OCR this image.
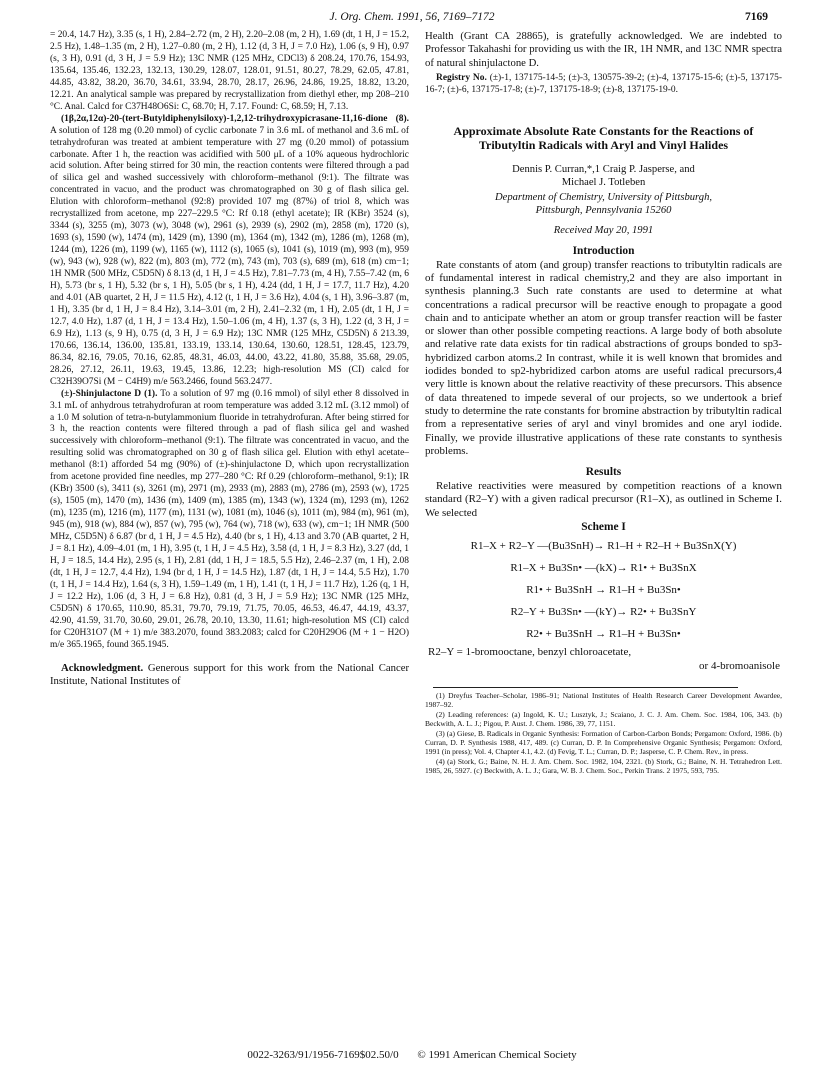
J. Org. Chem. 1991, 56, 7169–7172	7169

= 20.4, 14.7 Hz), 3.35 (s, 1 H), 2.84–2.72 (m, 2 H), 2.20–2.08 (m, 2 H), 1.69 (dt, 1 H, J = 15.2, 2.5 Hz), 1.48–1.35 (m, 2 H), 1.27–0.80 (m, 2 H), 1.12 (d, 3 H, J = 7.0 Hz), 1.06 (s, 9 H), 0.97 (s, 3 H), 0.91 (d, 3 H, J = 5.9 Hz); 13C NMR (125 MHz, CDCl3) δ 208.24, 170.76, 154.93, 135.64, 135.46, 132.23, 132.13, 130.29, 128.07, 128.01, 91.51, 80.27, 78.29, 62.05, 47.81, 44.85, 43.82, 38.20, 36.70, 34.61, 33.94, 28.70, 28.17, 26.96, 24.86, 19.25, 18.82, 13.20, 12.21. An analytical sample was prepared by recrystallization from diethyl ether, mp 208–210 °C. Anal. Calcd for C37H48O6Si: C, 68.70; H, 7.17. Found: C, 68.59; H, 7.13.

(1β,2α,12α)-20-(tert-Butyldiphenylsiloxy)-1,2,12-trihydroxypicrasane-11,16-dione (8). A solution of 128 mg (0.20 mmol) of cyclic carbonate 7 in 3.6 mL of methanol and 3.6 mL of tetrahydrofuran was treated at ambient temperature with 27 mg (0.20 mmol) of potassium carbonate. After 1 h, the reaction was acidified with 500 μL of a 10% aqueous hydrochloric acid solution. After being stirred for 30 min, the reaction contents were filtered through a pad of silica gel and washed successively with chloroform–methanol (9:1). The filtrate was concentrated in vacuo, and the product was chromatographed on 30 g of flash silica gel. Elution with chloroform–methanol (92:8) provided 107 mg (87%) of triol 8, which was recrystallized from acetone, mp 227–229.5 °C: Rf 0.18 (ethyl acetate); IR (KBr) 3524 (s), 3344 (s), 3255 (m), 3073 (w), 3048 (w), 2961 (s), 2939 (s), 2902 (m), 2858 (m), 1720 (s), 1693 (s), 1590 (w), 1474 (m), 1429 (m), 1390 (m), 1364 (m), 1342 (m), 1286 (m), 1268 (m), 1244 (m), 1226 (m), 1199 (w), 1165 (w), 1112 (s), 1065 (s), 1041 (s), 1019 (m), 993 (m), 959 (w), 943 (w), 928 (w), 822 (m), 803 (m), 772 (m), 743 (m), 703 (s), 689 (m), 618 (m) cm−1; 1H NMR (500 MHz, C5D5N) δ 8.13 (d, 1 H, J = 4.5 Hz), 7.81–7.73 (m, 4 H), 7.55–7.42 (m, 6 H), 5.73 (br s, 1 H), 5.32 (br s, 1 H), 5.05 (br s, 1 H), 4.24 (dd, 1 H, J = 17.7, 11.7 Hz), 4.20 and 4.01 (AB quartet, 2 H, J = 11.5 Hz), 4.12 (t, 1 H, J = 3.6 Hz), 4.04 (s, 1 H), 3.96–3.87 (m, 1 H), 3.35 (br d, 1 H, J = 8.4 Hz), 3.14–3.01 (m, 2 H), 2.41–2.32 (m, 1 H), 2.05 (dt, 1 H, J = 12.7, 4.0 Hz), 1.87 (d, 1 H, J = 13.4 Hz), 1.50–1.06 (m, 4 H), 1.37 (s, 3 H), 1.22 (d, 3 H, J = 6.9 Hz), 1.13 (s, 9 H), 0.75 (d, 3 H, J = 6.9 Hz); 13C NMR (125 MHz, C5D5N) δ 213.39, 170.66, 136.14, 136.00, 135.81, 133.19, 133.14, 130.64, 130.60, 128.51, 128.45, 123.79, 86.34, 82.16, 79.05, 70.16, 62.85, 48.31, 46.03, 44.00, 43.22, 41.80, 35.88, 35.68, 29.05, 28.26, 27.12, 26.11, 19.63, 19.45, 13.86, 12.23; high-resolution MS (CI) calcd for C32H39O7Si (M − C4H9) m/e 563.2466, found 563.2477.

(±)-Shinjulactone D (1). To a solution of 97 mg (0.16 mmol) of silyl ether 8 dissolved in 3.1 mL of anhydrous tetrahydrofuran at room temperature was added 3.12 mL (3.12 mmol) of a 1.0 M solution of tetra-n-butylammonium fluoride in tetrahydrofuran. After being stirred for 3 h, the reaction contents were filtered through a pad of flash silica gel and washed successively with chloroform–methanol (9:1). The filtrate was concentrated in vacuo, and the resulting solid was chromatographed on 30 g of flash silica gel. Elution with ethyl acetate–methanol (8:1) afforded 54 mg (90%) of (±)-shinjulactone D, which upon recrystallization from acetone provided fine needles, mp 277–280 °C: Rf 0.29 (chloroform–methanol, 9:1); IR (KBr) 3500 (s), 3411 (s), 3261 (m), 2971 (m), 2933 (m), 2883 (m), 2786 (m), 2593 (w), 1725 (s), 1505 (m), 1470 (m), 1436 (m), 1409 (m), 1385 (m), 1343 (w), 1324 (m), 1293 (m), 1262 (m), 1235 (m), 1216 (m), 1177 (m), 1131 (w), 1081 (m), 1046 (s), 1011 (m), 984 (m), 961 (m), 945 (m), 918 (w), 884 (w), 857 (w), 795 (w), 764 (w), 718 (w), 633 (w), cm−1; 1H NMR (500 MHz, C5D5N) δ 6.87 (br d, 1 H, J = 4.5 Hz), 4.40 (br s, 1 H), 4.13 and 3.70 (AB quartet, 2 H, J = 8.1 Hz), 4.09–4.01 (m, 1 H), 3.95 (t, 1 H, J = 4.5 Hz), 3.58 (d, 1 H, J = 8.3 Hz), 3.27 (dd, 1 H, J = 18.5, 14.4 Hz), 2.95 (s, 1 H), 2.81 (dd, 1 H, J = 18.5, 5.5 Hz), 2.46–2.37 (m, 1 H), 2.08 (dt, 1 H, J = 12.7, 4.4 Hz), 1.94 (br d, 1 H, J = 14.5 Hz), 1.87 (dt, 1 H, J = 14.4, 5.5 Hz), 1.70 (t, 1 H, J = 14.4 Hz), 1.64 (s, 3 H), 1.59–1.49 (m, 1 H), 1.41 (t, 1 H, J = 11.7 Hz), 1.26 (q, 1 H, J = 12.2 Hz), 1.06 (d, 3 H, J = 6.8 Hz), 0.81 (d, 3 H, J = 5.9 Hz); 13C NMR (125 MHz, C5D5N) δ 170.65, 110.90, 85.31, 79.70, 79.19, 71.75, 70.05, 46.53, 46.47, 44.19, 43.37, 42.90, 41.59, 31.70, 30.60, 29.01, 26.78, 20.10, 13.30, 11.61; high-resolution MS (CI) calcd for C20H31O7 (M + 1) m/e 383.2070, found 383.2083; calcd for C20H29O6 (M + 1 − H2O) m/e 365.1965, found 365.1945.

Acknowledgment. Generous support for this work from the National Cancer Institute, National Institutes of

Health (Grant CA 28865), is gratefully acknowledged. We are indebted to Professor Takahashi for providing us with the IR, 1H NMR, and 13C NMR spectra of natural shinjulactone D.

Registry No. (±)-1, 137175-14-5; (±)-3, 130575-39-2; (±)-4, 137175-15-6; (±)-5, 137175-16-7; (±)-6, 137175-17-8; (±)-7, 137175-18-9; (±)-8, 137175-19-0.

Approximate Absolute Rate Constants for the Reactions of Tributyltin Radicals with Aryl and Vinyl Halides
Dennis P. Curran,*,1 Craig P. Jasperse, and
Michael J. Totleben
Department of Chemistry, University of Pittsburgh,
Pittsburgh, Pennsylvania 15260
Received May 20, 1991
Introduction

Rate constants of atom (and group) transfer reactions to tributyltin radicals are of fundamental interest in radical chemistry,2 and they are also important in synthesis planning.3 Such rate constants are used to determine at what concentrations a radical precursor will be reactive enough to propagate a good chain and to anticipate whether an atom or group transfer reaction will be faster or slower than other possible competing reactions. A large body of both absolute and relative rate data exists for tin radical abstractions of groups bonded to sp3-hybridized carbon atoms.2 In contrast, while it is well known that bromides and iodides bonded to sp2-hybridized carbon atoms are useful radical precursors,4 very little is known about the relative reactivity of these precursors. This absence of data threatened to impede several of our projects, so we undertook a brief study to determine the rate constants for bromine abstraction by tributyltin radical from a representative series of aryl and vinyl bromides and one aryl iodide. Finally, we provide illustrative applications of these rate constants to synthesis problems.

Results

Relative reactivities were measured by competition reactions of a known standard (R2–Y) with a given radical precursor (R1–X), as outlined in Scheme I. We selected

Scheme I
R1–X + R2–Y —(Bu3SnH)→ R1–H + R2–H + Bu3SnX(Y)
R1–X + Bu3Sn• —(kX)→ R1• + Bu3SnX
R1• + Bu3SnH → R1–H + Bu3Sn•
R2–Y + Bu3Sn• —(kY)→ R2• + Bu3SnY
R2• + Bu3SnH → R1–H + Bu3Sn•
R2–Y = 1-bromooctane, benzyl chloroacetate,
or 4-bromoanisole

(1) Dreyfus Teacher–Scholar, 1986–91; National Institutes of Health Research Career Development Awardee, 1987–92.

(2) Leading references: (a) Ingold, K. U.; Lusztyk, J.; Scaiano, J. C. J. Am. Chem. Soc. 1984, 106, 343. (b) Beckwith, A. L. J.; Pigou, P. Aust. J. Chem. 1986, 39, 77, 1151.

(3) (a) Giese, B. Radicals in Organic Synthesis: Formation of Carbon-Carbon Bonds; Pergamon: Oxford, 1986. (b) Curran, D. P. Synthesis 1988, 417, 489. (c) Curran, D. P. In Comprehensive Organic Synthesis; Pergamon: Oxford, 1991 (in press); Vol. 4, Chapter 4.1, 4.2. (d) Fevig, T. L.; Curran, D. P.; Jasperse, C. P. Chem. Rev., in press.

(4) (a) Stork, G.; Baine, N. H. J. Am. Chem. Soc. 1982, 104, 2321. (b) Stork, G.; Baine, N. H. Tetrahedron Lett. 1985, 26, 5927. (c) Beckwith, A. L. J.; Gara, W. B. J. Chem. Soc., Perkin Trans. 2 1975, 593, 795.

0022-3263/91/1956-7169$02.50/0 © 1991 American Chemical Society
